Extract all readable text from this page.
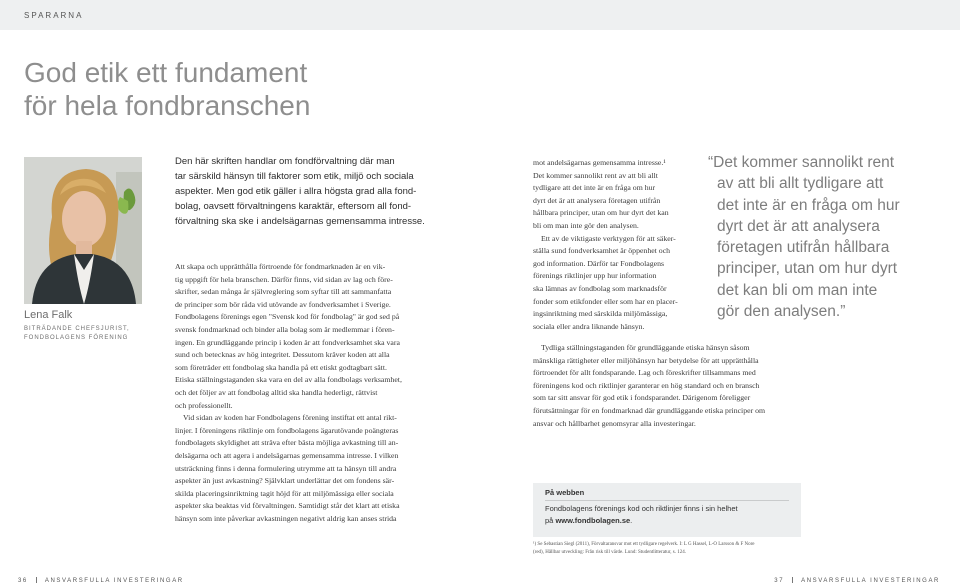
SPARARNA
God etik ett fundament
för hela fondbranschen
Lena Falk
BITRÄDANDE CHEFSJURIST,
FONDBOLAGENS FÖRENING
Den här skriften handlar om fondförvaltning där man
tar särskild hänsyn till faktorer som etik, miljö och sociala
aspekter. Men god etik gäller i allra högsta grad alla fond-
bolag, oavsett förvaltningens karaktär, eftersom all fond-
förvaltning ska ske i andelsägarnas gemensamma intresse.
Att skapa och upprätthålla förtroende för fondmarknaden är en vik-
tig uppgift för hela branschen. Därför finns, vid sidan av lag och före-
skrifter, sedan många år självreglering som syftar till att sammanfatta
de principer som bör råda vid utövande av fondverksamhet i Sverige.
Fondbolagens förenings egen "Svensk kod för fondbolag" är god sed på
svensk fondmarknad och binder alla bolag som är medlemmar i fören-
ingen. En grundläggande princip i koden är att fondverksamhet ska vara
sund och betecknas av hög integritet. Dessutom kräver koden att alla
som företräder ett fondbolag ska handla på ett etiskt godtagbart sätt.
Etiska ställningstaganden ska vara en del av alla fondbolags verksamhet,
och det följer av att fondbolag alltid ska handla hederligt, rättvist
och professionellt.
Vid sidan av koden har Fondbolagens förening instiftat ett antal rikt-
linjer. I föreningens riktlinje om fondbolagens ägarutövande poängteras
fondbolagets skyldighet att sträva efter bästa möjliga avkastning till an-
delsägarna och att agera i andelsägarnas gemensamma intresse. I vilken
utsträckning finns i denna formulering utrymme att ta hänsyn till andra
aspekter än just avkastning? Självklart underlättar det om fondens sär-
skilda placeringsinriktning tagit höjd för att miljömässiga eller sociala
aspekter ska beaktas vid förvaltningen. Samtidigt står det klart att etiska
hänsyn som inte påverkar avkastningen negativt aldrig kan anses strida
mot andelsägarnas gemensamma intresse.¹
Det kommer sannolikt rent av att bli allt
tydligare att det inte är en fråga om hur
dyrt det är att analysera företagen utifrån
hållbara principer, utan om hur dyrt det kan
bli om man inte gör den analysen.
Ett av de viktigaste verktygen för att säker-
ställa sund fondverksamhet är öppenhet och
god information. Därför tar Fondbolagens
förenings riktlinjer upp hur information
ska lämnas av fondbolag som marknadsför
fonder som etikfonder eller som har en placer-
ingsinriktning med särskilda miljömässiga,
sociala eller andra liknande hänsyn.
Tydliga ställningstaganden för grundläggande etiska hänsyn såsom
mänskliga rättigheter eller miljöhänsyn har betydelse för att upprätthålla
förtroendet för allt fondsparande. Lag och föreskrifter tillsammans med
föreningens kod och riktlinjer garanterar en hög standard och en bransch
som tar sitt ansvar för god etik i fondsparandet. Därigenom föreligger
förutsättningar för en fondmarknad där grundläggande etiska principer om
ansvar och hållbarhet genomsyrar alla investeringar.
“Det kommer sannolikt rent
av att bli allt tydligare att
det inte är en fråga om hur
dyrt det är att analysera
företagen utifrån hållbara
principer, utan om hur dyrt
det kan bli om man inte
gör den analysen.”
På webben
Fondbolagens förenings kod och riktlinjer finns i sin helhet
på www.fondbolagen.se.
¹) Se Sebastian Siegl (2011), Förvaltaransvar mot ett tydligare regelverk. I: L G Hassel, L-O Larsson & F Nore
(red), Hållbar utveckling: Från risk till värde. Lund: Studentlitteratur, s. 124.
36	ANSVARSFULLA INVESTERINGAR	37	ANSVARSFULLA INVESTERINGAR
